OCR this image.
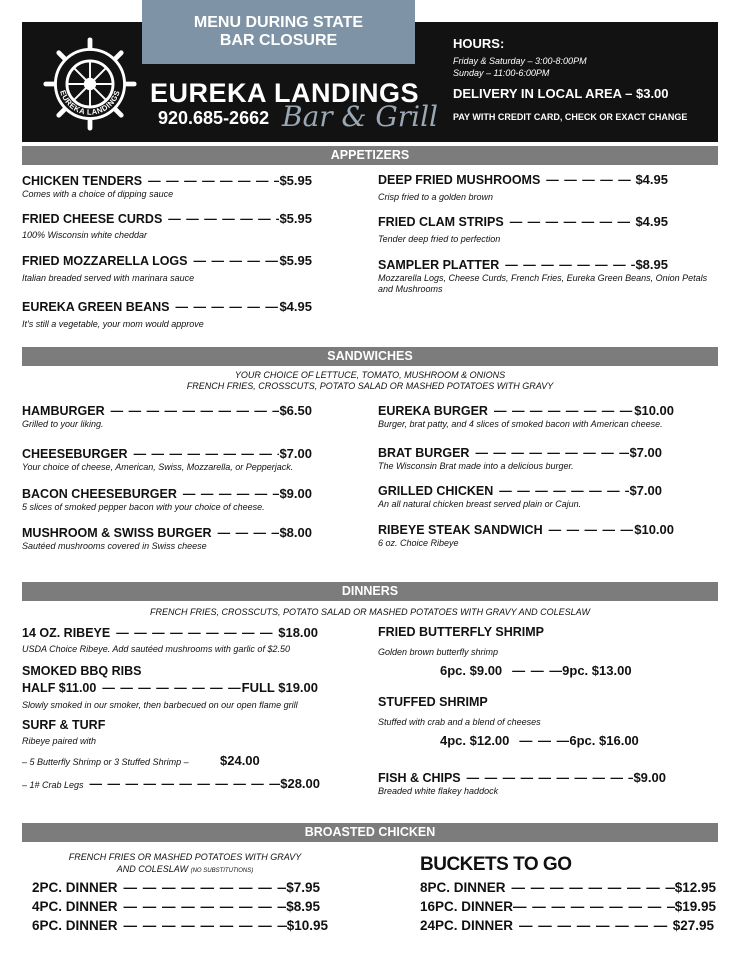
MENU DURING STATE
BAR CLOSURE
EUREKA LANDINGS EUREKA LANDINGS
920.685-2662 Bar & Grill
HOURS:
Friday & Saturday – 3:00-8:00PM
Sunday – 11:00-6:00PM
DELIVERY IN LOCAL AREA – $3.00
PAY WITH CREDIT CARD, CHECK OR EXACT CHANGE
APPETIZERS
CHICKEN TENDERS — — —	$5.95
Comes with a choice of dipping sauce
FRIED CHEESE CURDS — — —	$5.95
100% Wisconsin white cheddar
FRIED MOZZARELLA LOGS — — —	$5.95
Italian breaded served with marinara sauce
EUREKA GREEN BEANS — — —	$4.95
It's still a vegetable, your mom would approve
DEEP FRIED MUSHROOMS — — —	$4.95
Crisp fried to a golden brown
FRIED CLAM STRIPS — — —	$4.95
Tender deep fried to perfection
SAMPLER PLATTER — — —	$8.95
Mozzarella Logs, Cheese Curds, French Fries, Eureka Green Beans, Onion Petals and Mushrooms
SANDWICHES
YOUR CHOICE OF LETTUCE, TOMATO, MUSHROOM & ONIONS
FRENCH FRIES, CROSSCUTS, POTATO SALAD OR MASHED POTATOES WITH GRAVY
HAMBURGER — — —	$6.50
Grilled to your liking.
CHEESEBURGER — — —	$7.00
Your choice of cheese, American, Swiss, Mozzarella, or Pepperjack.
BACON CHEESEBURGER — — —	$9.00
5 slices of smoked pepper bacon with your choice of cheese.
MUSHROOM & SWISS BURGER — — —	$8.00
Sautéed mushrooms covered in Swiss cheese
EUREKA BURGER — — —	$10.00
Burger, brat patty, and 4 slices of smoked bacon with American cheese.
BRAT BURGER — — —	$7.00
The Wisconsin Brat made into a delicious burger.
GRILLED CHICKEN — — —	$7.00
An all natural chicken breast served plain or Cajun.
RIBEYE STEAK SANDWICH — — —	$10.00
6 oz. Choice Ribeye
DINNERS
FRENCH FRIES, CROSSCUTS, POTATO SALAD OR MASHED POTATOES WITH GRAVY AND COLESLAW
14 OZ. RIBEYE — — —	$18.00
USDA Choice Ribeye. Add sautéed mushrooms with garlic of $2.50
SMOKED BBQ RIBS
HALF $11.00 — — —	FULL $19.00
Slowly smoked in our smoker, then barbecued on our open flame grill
SURF & TURF
Ribeye paired with
– 5 Butterfly Shrimp or 3 Stuffed Shrimp – $24.00
– 1# Crab Legs — — —	$28.00
FRIED BUTTERFLY SHRIMP
Golden brown butterfly shrimp
6pc. $9.00 — — —	9pc. $13.00
STUFFED SHRIMP
Stuffed with crab and a blend of cheeses
4pc. $12.00 — — —	6pc. $16.00
FISH & CHIPS — — —	$9.00
Breaded white flakey haddock
BROASTED CHICKEN
FRENCH FRIES OR MASHED POTATOES WITH GRAVY
AND COLESLAW (NO SUBSTITUTIONS)
2PC. DINNER — — —	$7.95
4PC. DINNER — — —	$8.95
6PC. DINNER — — —	$10.95
BUCKETS TO GO
8PC. DINNER — — —	$12.95
16PC. DINNER — — —	$19.95
24PC. DINNER — — —	$27.95
